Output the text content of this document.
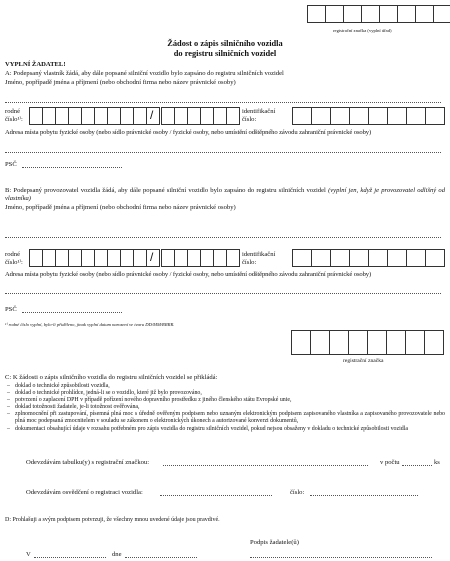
registrační značka (vyplní úřad)
Žádost o zápis silničního vozidla
do registru silničních vozidel
VYPLNÍ ŽADATEL!
A: Podepsaný vlastník žádá, aby dále popsané silniční vozidlo bylo zapsáno do registru silničních vozidel
Jméno, popřípadě jména a příjmení (nebo obchodní firma nebo název právnické osoby)
rodné číslo¹⁾:	/	identifikační číslo:
Adresa místa pobytu fyzické osoby (nebo sídlo právnické osoby / fyzické osoby, nebo umístění odštěpného závodu zahraniční právnické osoby)
PSČ
B: Podepsaný provozovatel vozidla žádá, aby dále popsané silniční vozidlo bylo zapsáno do registru silničních vozidel (vyplní jen, když je provozovatel odlišný od vlastníka)
Jméno, popřípadě jména a příjmení (nebo obchodní firma nebo název právnické osoby)
rodné číslo¹⁾:	/	identifikační číslo:
Adresa místa pobytu fyzické osoby (nebo sídlo právnické osoby / fyzické osoby, nebo umístění odštěpného závodu zahraniční právnické osoby)
PSČ
¹⁾ rodné číslo vyplní, bylo-li přiděleno, jinak vyplní datum narození ve tvaru DD/MM/RRRR.
registrační značka
C: K žádosti o zápis silničního vozidla do registru silničních vozidel se přikládá:
– doklad o technické způsobilosti vozidla,
– doklad o technické prohlídce, jedná-li se o vozidlo, které již bylo provozováno,
– potvrzení o zaplacení DPH v případě pořízení nového dopravního prostředku z jiného členského státu Evropské unie,
– doklad totožnosti žadatele, je-li totožnost ověřována,
– zplnomocnění při zastupování, písemná plná moc s úředně ověřeným podpisem nebo uznaným elektronickým podpisem zapisovaného vlastníka a zapisovaného provozovatele nebo plná moc podepsaná zmocnitelem v souladu se zákonem o elektronických úkonech a autorizované konverzi dokumentů,
– dokumentaci obsahující údaje v rozsahu potřebném pro zápis vozidla do registru silničních vozidel, pokud nejsou obsaženy v dokladu o technické způsobilosti vozidla
Odevzdávám tabulku(y) s registrační značkou:	v počtu	ks
Odevzdávám osvědčení o registraci vozidla:	číslo:
D: Prohlašuji a svým podpisem potvrzuji, že všechny mnou uvedené údaje jsou pravdivé.
Podpis žadatele(ů)
V	dne
